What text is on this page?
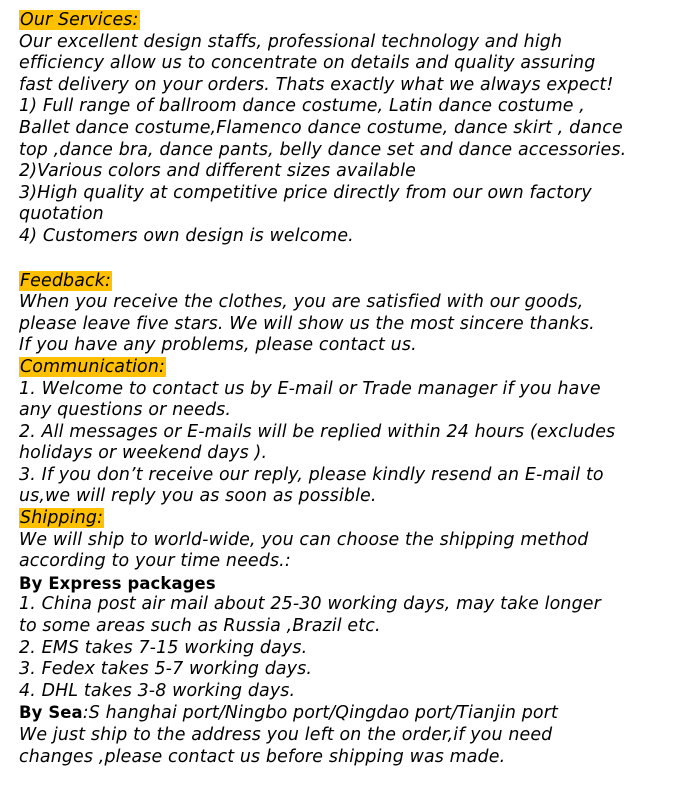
Our Services:

Our excellent design staffs, professional technology and high

efficiency allow us to concentrate on details and quality assuring

fast delivery on your orders. Thats exactly what we always expect!

1) Full range of ballroom dance costume, Latin dance costume ,

Ballet dance costume,Flamenco dance costume, dance skirt , dance

top ,dance bra, dance pants, belly dance set and dance accessories.

2)Various colors and different sizes available

3)High quality at competitive price directly from our own factory

quotation

4) Customers own design is welcome.

Feedback:

When you receive the clothes, you are satisfied with our goods,

please leave five stars. We will show us the most sincere thanks.

If you have any problems, please contact us.

Communication:

1. Welcome to contact us by E-mail or Trade manager if you have

any questions or needs.

2. All messages or E-mails will be replied within 24 hours (excludes

holidays or weekend days ).

3. If you don’t receive our reply, please kindly resend an E-mail to

us,we will reply you as soon as possible.

Shipping:

We will ship to world-wide, you can choose the shipping method

according to your time needs.:

By Express packages

1. China post air mail about 25-30 working days, may take longer

to some areas such as Russia ,Brazil etc.

2. EMS takes 7-15 working days.

3. Fedex takes 5-7 working days.

4. DHL takes 3-8 working days.

By Sea:S hanghai port/Ningbo port/Qingdao port/Tianjin port

We just ship to the address you left on the order,if you need

changes ,please contact us before shipping was made.
